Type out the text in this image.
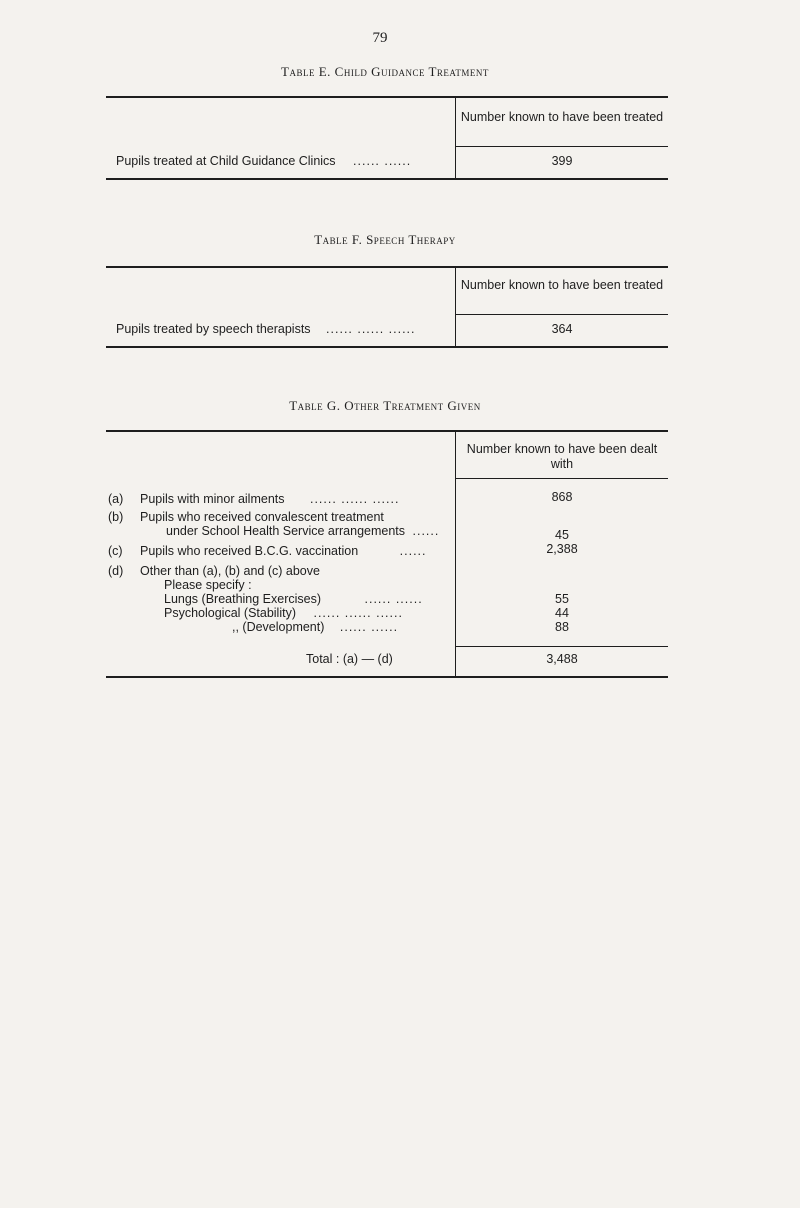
79
Table E. Child Guidance Treatment
Number known to have been treated
Pupils treated at Child Guidance Clinics ...... ......	399
Table F. Speech Therapy
Number known to have been treated
Pupils treated by speech therapists ...... ...... ......	364
Table G. Other Treatment Given
Number known to have been dealt with
(a) Pupils with minor ailments ...... ...... ......	868
(b) Pupils who received convalescent treatment
under School Health Service arrangements ......	45
(c) Pupils who received B.C.G. vaccination	......	2,388
(d) Other than (a), (b) and (c) above
Please specify :
Lungs (Breathing Exercises)	...... ......	55
Psychological (Stability) ...... ...... ......	44
,, (Development) ...... ......	88
Total : (a) — (d)	3,488
